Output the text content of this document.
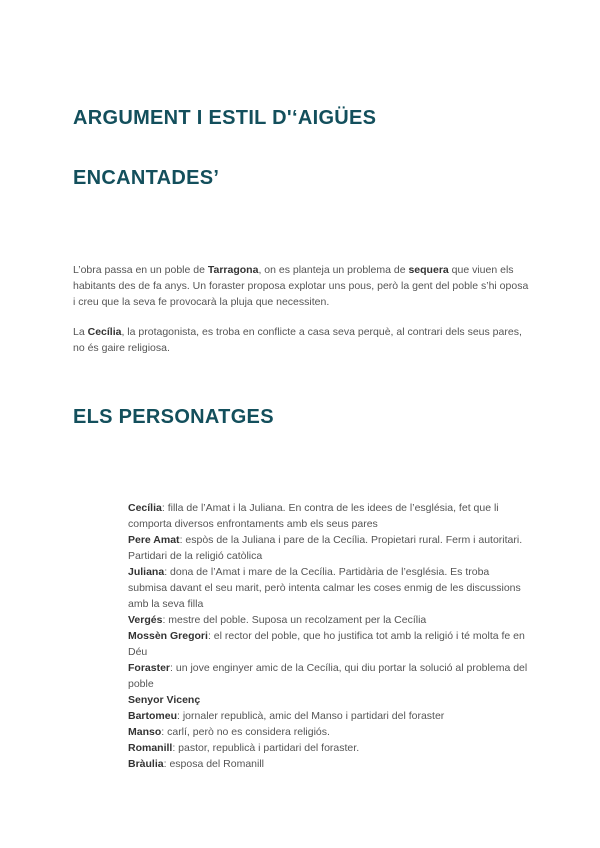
ARGUMENT I ESTIL D'‘AIGÜES
ENCANTADES’

L’obra passa en un poble de Tarragona, on es planteja un problema de sequera que viuen els habitants des de fa anys. Un foraster proposa explotar uns pous, però la gent del poble s’hi oposa i creu que la seva fe provocarà la pluja que necessiten.

La Cecília, la protagonista, es troba en conflicte a casa seva perquè, al contrari dels seus pares, no és gaire religiosa.

ELS PERSONATGES
Cecília: filla de l’Amat i la Juliana. En contra de les idees de l’església, fet que li comporta diversos enfrontaments amb els seus pares
Pere Amat: espòs de la Juliana i pare de la Cecília. Propietari rural. Ferm i autoritari. Partidari de la religió catòlica
Juliana: dona de l’Amat i mare de la Cecília. Partidària de l’església. Es troba submisa davant el seu marit, però intenta calmar les coses enmig de les discussions amb la seva filla
Vergés: mestre del poble. Suposa un recolzament per la Cecília
Mossèn Gregori: el rector del poble, que ho justifica tot amb la religió i té molta fe en Déu
Foraster: un jove enginyer amic de la Cecília, qui diu portar la solució al problema del poble
Senyor Vicenç
Bartomeu: jornaler republicà, amic del Manso i partidari del foraster
Manso: carlí, però no es considera religiós.
Romanill: pastor, republicà i partidari del foraster.
Bràulia: esposa del Romanill
